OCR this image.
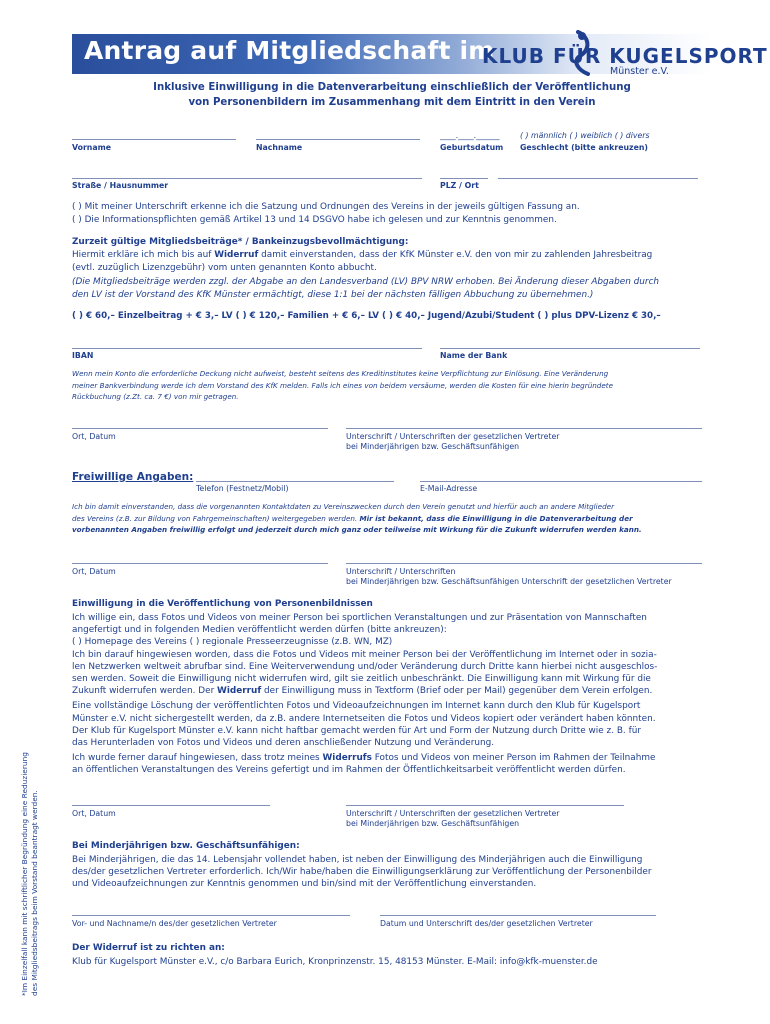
Antrag auf Mitgliedschaft im
KLUB FÜR KUGELSPORT
Münster e.V.
Inklusive Einwilligung in die Datenverarbeitung einschließlich der Veröffentlichung
von Personenbildern im Zusammenhang mit dem Eintritt in den Verein
Vorname	Nachname
____.____.______
Geburtsdatum
( ) männlich ( ) weiblich ( ) divers
Geschlecht (bitte ankreuzen)
Straße / Hausnummer	PLZ / Ort
( ) Mit meiner Unterschrift erkenne ich die Satzung und Ordnungen des Vereins in der jeweils gültigen Fassung an.
( ) Die Informationspflichten gemäß Artikel 13 und 14 DSGVO habe ich gelesen und zur Kenntnis genommen.
Zurzeit gültige Mitgliedsbeiträge* / Bankeinzugsbevollmächtigung:
Hiermit erkläre ich mich bis auf Widerruf damit einverstanden, dass der KfK Münster e.V. den von mir zu zahlenden Jahresbeitrag
(evtl. zuzüglich Lizenzgebühr) vom unten genannten Konto abbucht.
(Die Mitgliedsbeiträge werden zzgl. der Abgabe an den Landesverband (LV) BPV NRW erhoben. Bei Änderung dieser Abgaben durch
den LV ist der Vorstand des KfK Münster ermächtigt, diese 1:1 bei der nächsten fälligen Abbuchung zu übernehmen.)
( ) € 60,– Einzelbeitrag + € 3,– LV ( ) € 120,– Familien + € 6,– LV ( ) € 40,– Jugend/Azubi/Student ( ) plus DPV-Lizenz € 30,–
IBAN	Name der Bank
Wenn mein Konto die erforderliche Deckung nicht aufweist, besteht seitens des Kreditinstitutes keine Verpflichtung zur Einlösung. Eine Veränderung
meiner Bankverbindung werde ich dem Vorstand des KfK melden. Falls ich eines von beidem versäume, werden die Kosten für eine hierin begründete
Rückbuchung (z.Zt. ca. 7 €) von mir getragen.
Ort, Datum	Unterschrift / Unterschriften der gesetzlichen Vertreter
bei Minderjährigen bzw. Geschäftsunfähigen
Freiwillige Angaben:
Telefon (Festnetz/Mobil)	E-Mail-Adresse
Ich bin damit einverstanden, dass die vorgenannten Kontaktdaten zu Vereinszwecken durch den Verein genutzt und hierfür auch an andere Mitglieder
des Vereins (z.B. zur Bildung von Fahrgemeinschaften) weitergegeben werden. Mir ist bekannt, dass die Einwilligung in die Datenverarbeitung der
vorbenannten Angaben freiwillig erfolgt und jederzeit durch mich ganz oder teilweise mit Wirkung für die Zukunft widerrufen werden kann.
Ort, Datum	Unterschrift / Unterschriften
bei Minderjährigen bzw. Geschäftsunfähigen Unterschrift der gesetzlichen Vertreter
Einwilligung in die Veröffentlichung von Personenbildnissen
Ich willige ein, dass Fotos und Videos von meiner Person bei sportlichen Veranstaltungen und zur Präsentation von Mannschaften
angefertigt und in folgenden Medien veröffentlicht werden dürfen (bitte ankreuzen):
( ) Homepage des Vereins ( ) regionale Presseerzeugnisse (z.B. WN, MZ)
Ich bin darauf hingewiesen worden, dass die Fotos und Videos mit meiner Person bei der Veröffentlichung im Internet oder in sozia-
len Netzwerken weltweit abrufbar sind. Eine Weiterverwendung und/oder Veränderung durch Dritte kann hierbei nicht ausgeschlos-
sen werden. Soweit die Einwilligung nicht widerrufen wird, gilt sie zeitlich unbeschränkt. Die Einwilligung kann mit Wirkung für die
Zukunft widerrufen werden. Der Widerruf der Einwilligung muss in Textform (Brief oder per Mail) gegenüber dem Verein erfolgen.
Eine vollständige Löschung der veröffentlichten Fotos und Videoaufzeichnungen im Internet kann durch den Klub für Kugelsport
Münster e.V. nicht sichergestellt werden, da z.B. andere Internetseiten die Fotos und Videos kopiert oder verändert haben könnten.
Der Klub für Kugelsport Münster e.V. kann nicht haftbar gemacht werden für Art und Form der Nutzung durch Dritte wie z. B. für
das Herunterladen von Fotos und Videos und deren anschließender Nutzung und Veränderung.
Ich wurde ferner darauf hingewiesen, dass trotz meines Widerrufs Fotos und Videos von meiner Person im Rahmen der Teilnahme
an öffentlichen Veranstaltungen des Vereins gefertigt und im Rahmen der Öffentlichkeitsarbeit veröffentlicht werden dürfen.
Ort, Datum	Unterschrift / Unterschriften der gesetzlichen Vertreter
bei Minderjährigen bzw. Geschäftsunfähigen
Bei Minderjährigen bzw. Geschäftsunfähigen:
Bei Minderjährigen, die das 14. Lebensjahr vollendet haben, ist neben der Einwilligung des Minderjährigen auch die Einwilligung
des/der gesetzlichen Vertreter erforderlich. Ich/Wir habe/haben die Einwilligungserklärung zur Veröffentlichung der Personenbilder
und Videoaufzeichnungen zur Kenntnis genommen und bin/sind mit der Veröffentlichung einverstanden.
Vor- und Nachname/n des/der gesetzlichen Vertreter	Datum und Unterschrift des/der gesetzlichen Vertreter
Der Widerruf ist zu richten an:
Klub für Kugelsport Münster e.V., c/o Barbara Eurich, Kronprinzenstr. 15, 48153 Münster. E-Mail: info@kfk-muenster.de
*Im Einzelfall kann mit schriftlicher Begründung eine Reduzierung des Mitgliedsbeitrags beim Vorstand beantragt werden.
